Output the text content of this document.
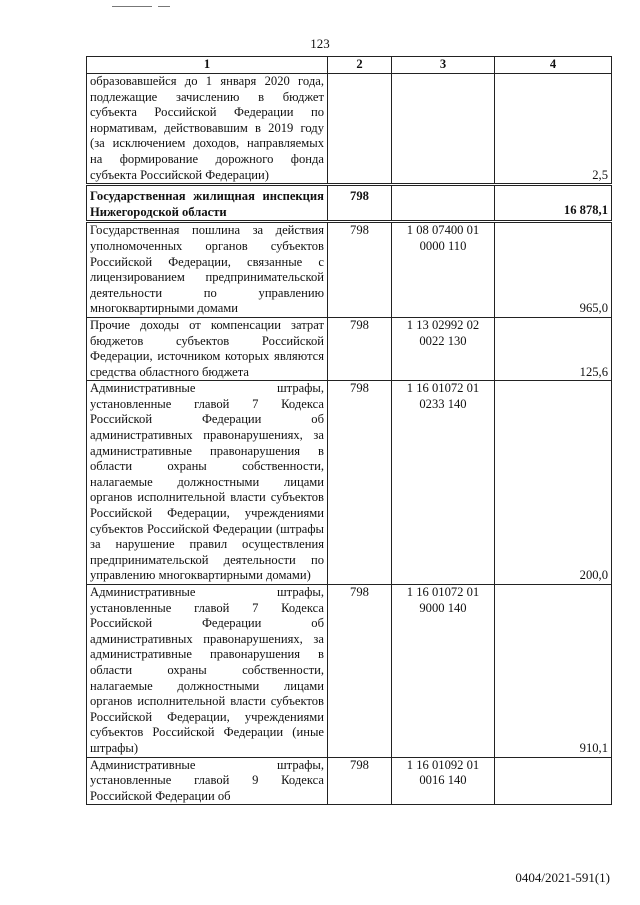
123
1	2	3	4
образовавшейся до 1 января 2020 года, подлежащие зачислению в бюджет субъекта Российской Федерации по нормативам, действовавшим в 2019 году (за исключением доходов, направляемых на формирование дорожного фонда субъекта Российской Федерации)			2,5
Государственная жилищная инспекция Нижегородской области	798		16 878,1
Государственная пошлина за действия уполномоченных органов субъектов Российской Федерации, связанные с лицензированием предпринимательской деятельности по управлению многоквартирными домами	798	1 08 07400 01 0000 110	965,0
Прочие доходы от компенсации затрат бюджетов субъектов Российской Федерации, источником которых являются средства областного бюджета	798	1 13 02992 02 0022 130	125,6
Административные штрафы, установленные главой 7 Кодекса Российской Федерации об административных правонарушениях, за административные правонарушения в области охраны собственности, налагаемые должностными лицами органов исполнительной власти субъектов Российской Федерации, учреждениями субъектов Российской Федерации (штрафы за нарушение правил осуществления предпринимательской деятельности по управлению многоквартирными домами)	798	1 16 01072 01 0233 140	200,0
Административные штрафы, установленные главой 7 Кодекса Российской Федерации об административных правонарушениях, за административные правонарушения в области охраны собственности, налагаемые должностными лицами органов исполнительной власти субъектов Российской Федерации, учреждениями субъектов Российской Федерации (иные штрафы)	798	1 16 01072 01 9000 140	910,1
Административные штрафы, установленные главой 9 Кодекса Российской Федерации об	798	1 16 01092 01 0016 140	
0404/2021-591(1)
